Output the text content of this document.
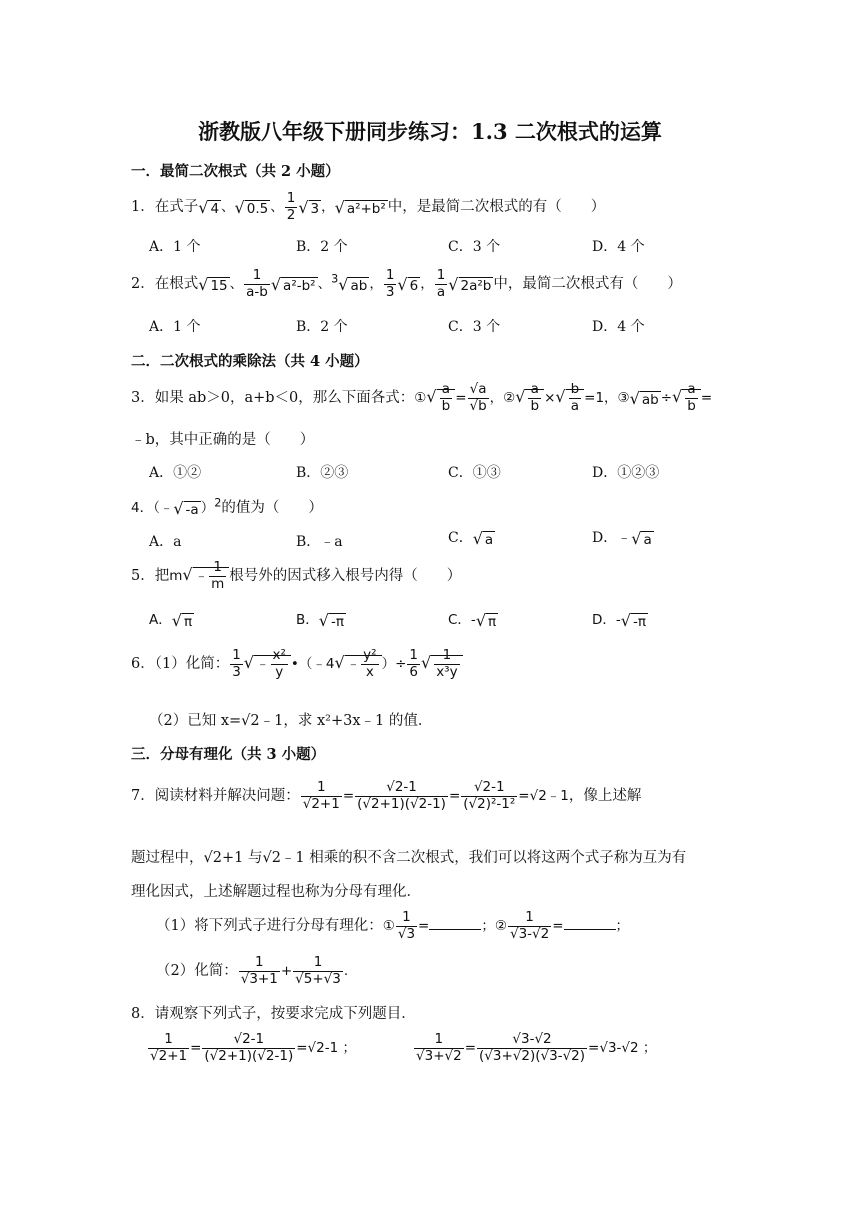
浙教版八年级下册同步练习：1.3 二次根式的运算
一．最简二次根式（共 2 小题）
1．在式子√ 4 、√ 0.5 、 $\frac{1}{2}$ √ 3 ，√ a²+b² 中，是最简二次根式的有（　　）
A．1 个	B．2 个	C．3 个	D．4 个
2．在根式√ 15 、 $\frac{1}{a-b}$ √ a²-b² 、$^3$√ ab ， $\frac{1}{3}$ √ 6 ， $\frac{1}{a}$ √ 2a²b 中，最简二次根式有（　　）
A．1 个	B．2 个	C．3 个	D．4 个
二．二次根式的乘除法（共 4 小题）
3．如果 ab＞0，a+b＜0，那么下面各式：①√ $\frac{a}{b} = \frac{√a}{√b}$ ，②√ $\frac{a}{b}$ ×√ $\frac{b}{a} =1$，③√ ab ÷√ $\frac{a}{b}$ =
﹣b，其中正确的是（　　）
A．①②	B．②③	C．①③	D．①②③
4．（﹣√ -a ）$^2$的值为（　　）
A．a	B．﹣a	C．√ a	D．﹣√ a
5．把m√ ﹣ $\frac{1}{m}$ 根号外的因式移入根号内得（　　）
A．√ π	B．√ -π	C．-√ π	D．-√ -π
6．（1）化简： $\frac{1}{3}$ √ ﹣ $\frac{\text{x²}}{y}$ •（﹣4√ ﹣ $\frac{\text{y²}}{x}$ ）÷ $\frac{1}{6}$ √ $\frac{1}{\text{x³y}}$
（2）已知 x=√2﹣1，求 x²+3x﹣1 的值．
三．分母有理化（共 3 小题）
7．阅读材料并解决问题： $\frac{1}{√2+1} = \frac{√2-1}{(√2+1)(√2-1)} = \frac{√2-1}{\text{(√2)²-1²}}$ =√2﹣1，像上述解
题过程中，√2+1 与√2﹣1 相乘的积不含二次根式，我们可以将这两个式子称为互为有
理化因式，上述解题过程也称为分母有理化．
（1）将下列式子进行分母有理化：① $\frac{1}{√3}$ =	；② $\frac{1}{√3-√2}$ =	；
（2）化简： $\frac{1}{√3+1} + \frac{1}{√5+√3}$ .
8．请观察下列式子，按要求完成下列题目．
$\frac{1}{√2+1} = \frac{√2-1}{(√2+1)(√2-1)} =√2-1$ ；	$\frac{1}{√3+√2} = \frac{√3-√2}{(√3+√2)(√3-√2)} =√3-√2$ ；
